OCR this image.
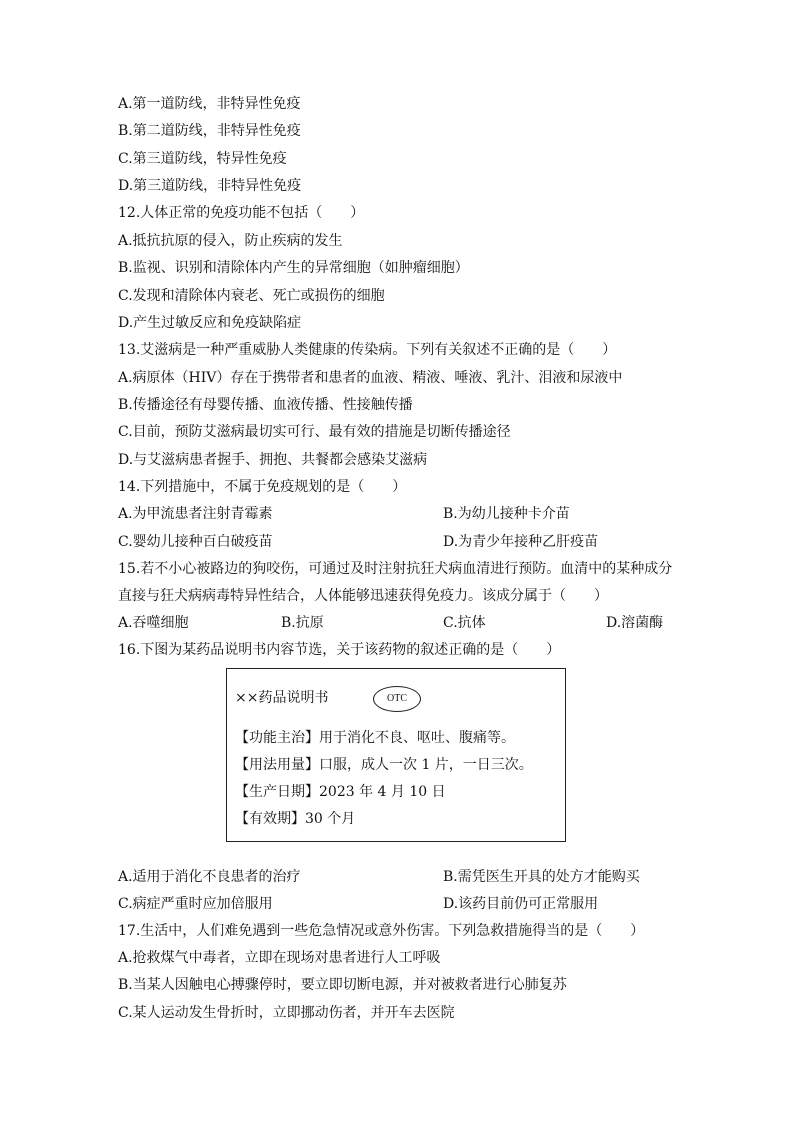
A.第一道防线，非特异性免疫
B.第二道防线，非特异性免疫
C.第三道防线，特异性免疫
D.第三道防线，非特异性免疫
12.人体正常的免疫功能不包括（　　）
A.抵抗抗原的侵入，防止疾病的发生
B.监视、识别和清除体内产生的异常细胞（如肿瘤细胞）
C.发现和清除体内衰老、死亡或损伤的细胞
D.产生过敏反应和免疫缺陷症
13.艾滋病是一种严重威胁人类健康的传染病。下列有关叙述不正确的是（　　）
A.病原体（HIV）存在于携带者和患者的血液、精液、唾液、乳汁、泪液和尿液中
B.传播途径有母婴传播、血液传播、性接触传播
C.目前，预防艾滋病最切实可行、最有效的措施是切断传播途径
D.与艾滋病患者握手、拥抱、共餐都会感染艾滋病
14.下列措施中，不属于免疫规划的是（　　）
A.为甲流患者注射青霉素	B.为幼儿接种卡介苗
C.婴幼儿接种百白破疫苗	D.为青少年接种乙肝疫苗
15.若不小心被路边的狗咬伤，可通过及时注射抗狂犬病血清进行预防。血清中的某种成分
直接与狂犬病病毒特异性结合，人体能够迅速获得免疫力。该成分属于（　　）
A.吞噬细胞	B.抗原	C.抗体	D.溶菌酶
16.下图为某药品说明书内容节选，关于该药物的叙述正确的是（　　）
××药品说明书	OTC
【功能主治】用于消化不良、呕吐、腹痛等。
【用法用量】口服，成人一次 1 片，一日三次。
【生产日期】2023 年 4 月 10 日
【有效期】30 个月
A.适用于消化不良患者的治疗	B.需凭医生开具的处方才能购买
C.病症严重时应加倍服用	D.该药目前仍可正常服用
17.生活中，人们难免遇到一些危急情况或意外伤害。下列急救措施得当的是（　　）
A.抢救煤气中毒者，立即在现场对患者进行人工呼吸
B.当某人因触电心搏骤停时，要立即切断电源，并对被救者进行心肺复苏
C.某人运动发生骨折时，立即挪动伤者，并开车去医院
